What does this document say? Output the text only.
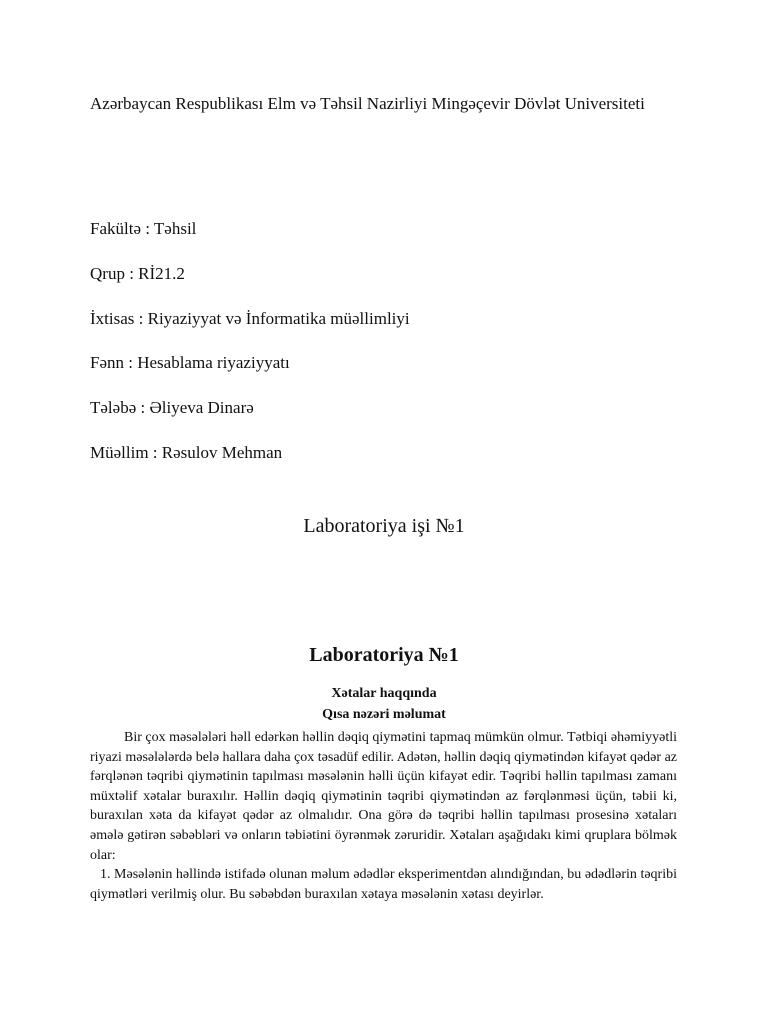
Azərbaycan Respublikası Elm və Təhsil Nazirliyi Mingəçevir Dövlət Universiteti
Fakültə : Təhsil
Qrup : Rİ21.2
İxtisas : Riyaziyyat və İnformatika müəllimliyi
Fənn : Hesablama riyaziyyatı
Tələbə : Əliyeva Dinarə
Müəllim : Rəsulov Mehman
Laboratoriya işi №1
Laboratoriya №1
Xətalar haqqında
Qısa nəzəri məlumat

Bir çox məsələləri həll edərkən həllin dəqiq qiymətini tapmaq mümkün olmur. Tətbiqi əhəmiyyətli riyazi məsələlərdə belə hallara daha çox təsadüf edilir. Adətən, həllin dəqiq qiymətindən kifayət qədər az fərqlənən təqribi qiymətinin tapılması məsələnin həlli üçün kifayət edir. Təqribi həllin tapılması zamanı müxtəlif xətalar buraxılır. Həllin dəqiq qiymətinin təqribi qiymətindən az fərqlənməsi üçün, təbii ki, buraxılan xəta da kifayət qədər az olmalıdır. Ona görə də təqribi həllin tapılması prosesinə xətaları əmələ gətirən səbəbləri və onların təbiətini öyrənmək zəruridir. Xətaları aşağıdakı kimi qruplara bölmək olar:

1. Məsələnin həllində istifadə olunan məlum ədədlər eksperimentdən alındığından, bu ədədlərin təqribi qiymətləri verilmiş olur. Bu səbəbdən buraxılan xətaya məsələnin xətası deyirlər.
